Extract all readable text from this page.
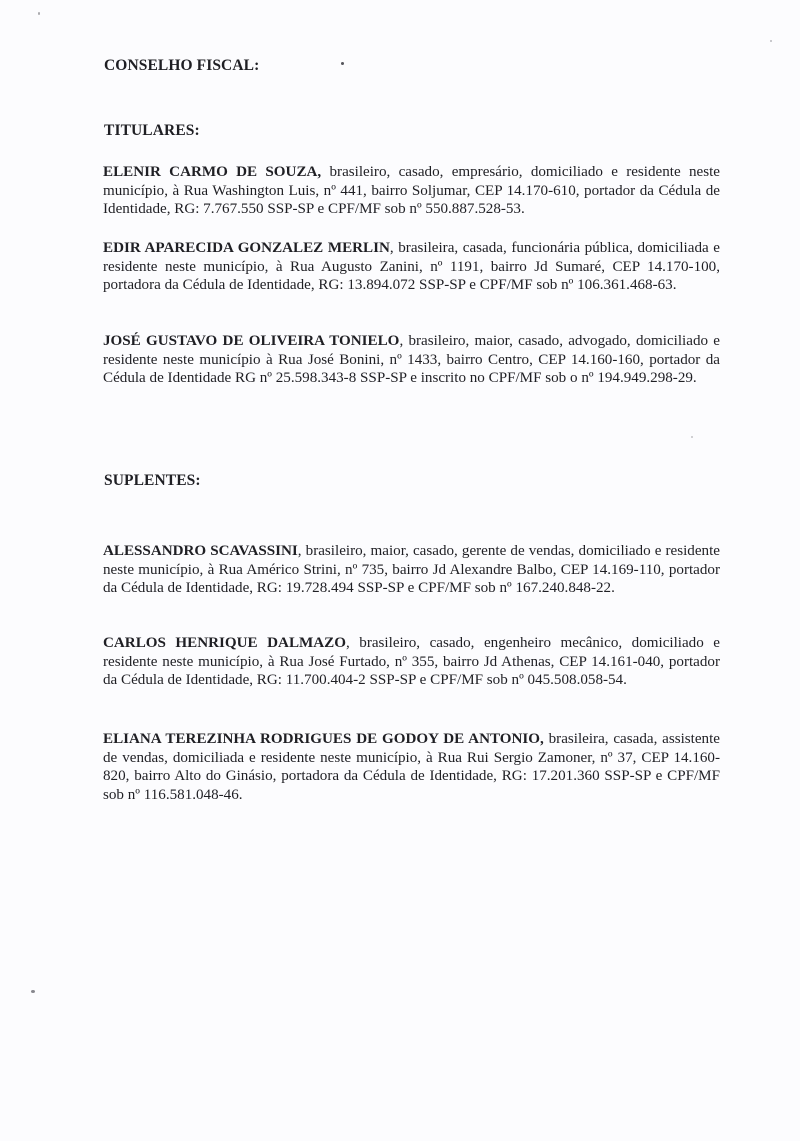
CONSELHO FISCAL:

TITULARES:

ELENIR CARMO DE SOUZA, brasileiro, casado, empresário, domiciliado e residente neste município, à Rua Washington Luis, nº 441, bairro Soljumar, CEP 14.170-610, portador da Cédula de Identidade, RG: 7.767.550 SSP-SP e CPF/MF sob nº 550.887.528-53.

EDIR APARECIDA GONZALEZ MERLIN, brasileira, casada, funcionária pública, domiciliada e residente neste município, à Rua Augusto Zanini, nº 1191, bairro Jd Sumaré, CEP 14.170-100, portadora da Cédula de Identidade, RG: 13.894.072 SSP-SP e CPF/MF sob nº 106.361.468-63.

JOSÉ GUSTAVO DE OLIVEIRA TONIELO, brasileiro, maior, casado, advogado, domiciliado e residente neste município à Rua José Bonini, nº 1433, bairro Centro, CEP 14.160-160, portador da Cédula de Identidade RG nº 25.598.343-8 SSP-SP e inscrito no CPF/MF sob o nº 194.949.298-29.

SUPLENTES:

ALESSANDRO SCAVASSINI, brasileiro, maior, casado, gerente de vendas, domiciliado e residente neste município, à Rua Américo Strini, nº 735, bairro Jd Alexandre Balbo, CEP 14.169-110, portador da Cédula de Identidade, RG: 19.728.494 SSP-SP e CPF/MF sob nº 167.240.848-22.

CARLOS HENRIQUE DALMAZO, brasileiro, casado, engenheiro mecânico, domiciliado e residente neste município, à Rua José Furtado, nº 355, bairro Jd Athenas, CEP 14.161-040, portador da Cédula de Identidade, RG: 11.700.404-2 SSP-SP e CPF/MF sob nº 045.508.058-54.

ELIANA TEREZINHA RODRIGUES DE GODOY DE ANTONIO, brasileira, casada, assistente de vendas, domiciliada e residente neste município, à Rua Rui Sergio Zamoner, nº 37, CEP 14.160-820, bairro Alto do Ginásio, portadora da Cédula de Identidade, RG: 17.201.360 SSP-SP e CPF/MF sob nº 116.581.048-46.
